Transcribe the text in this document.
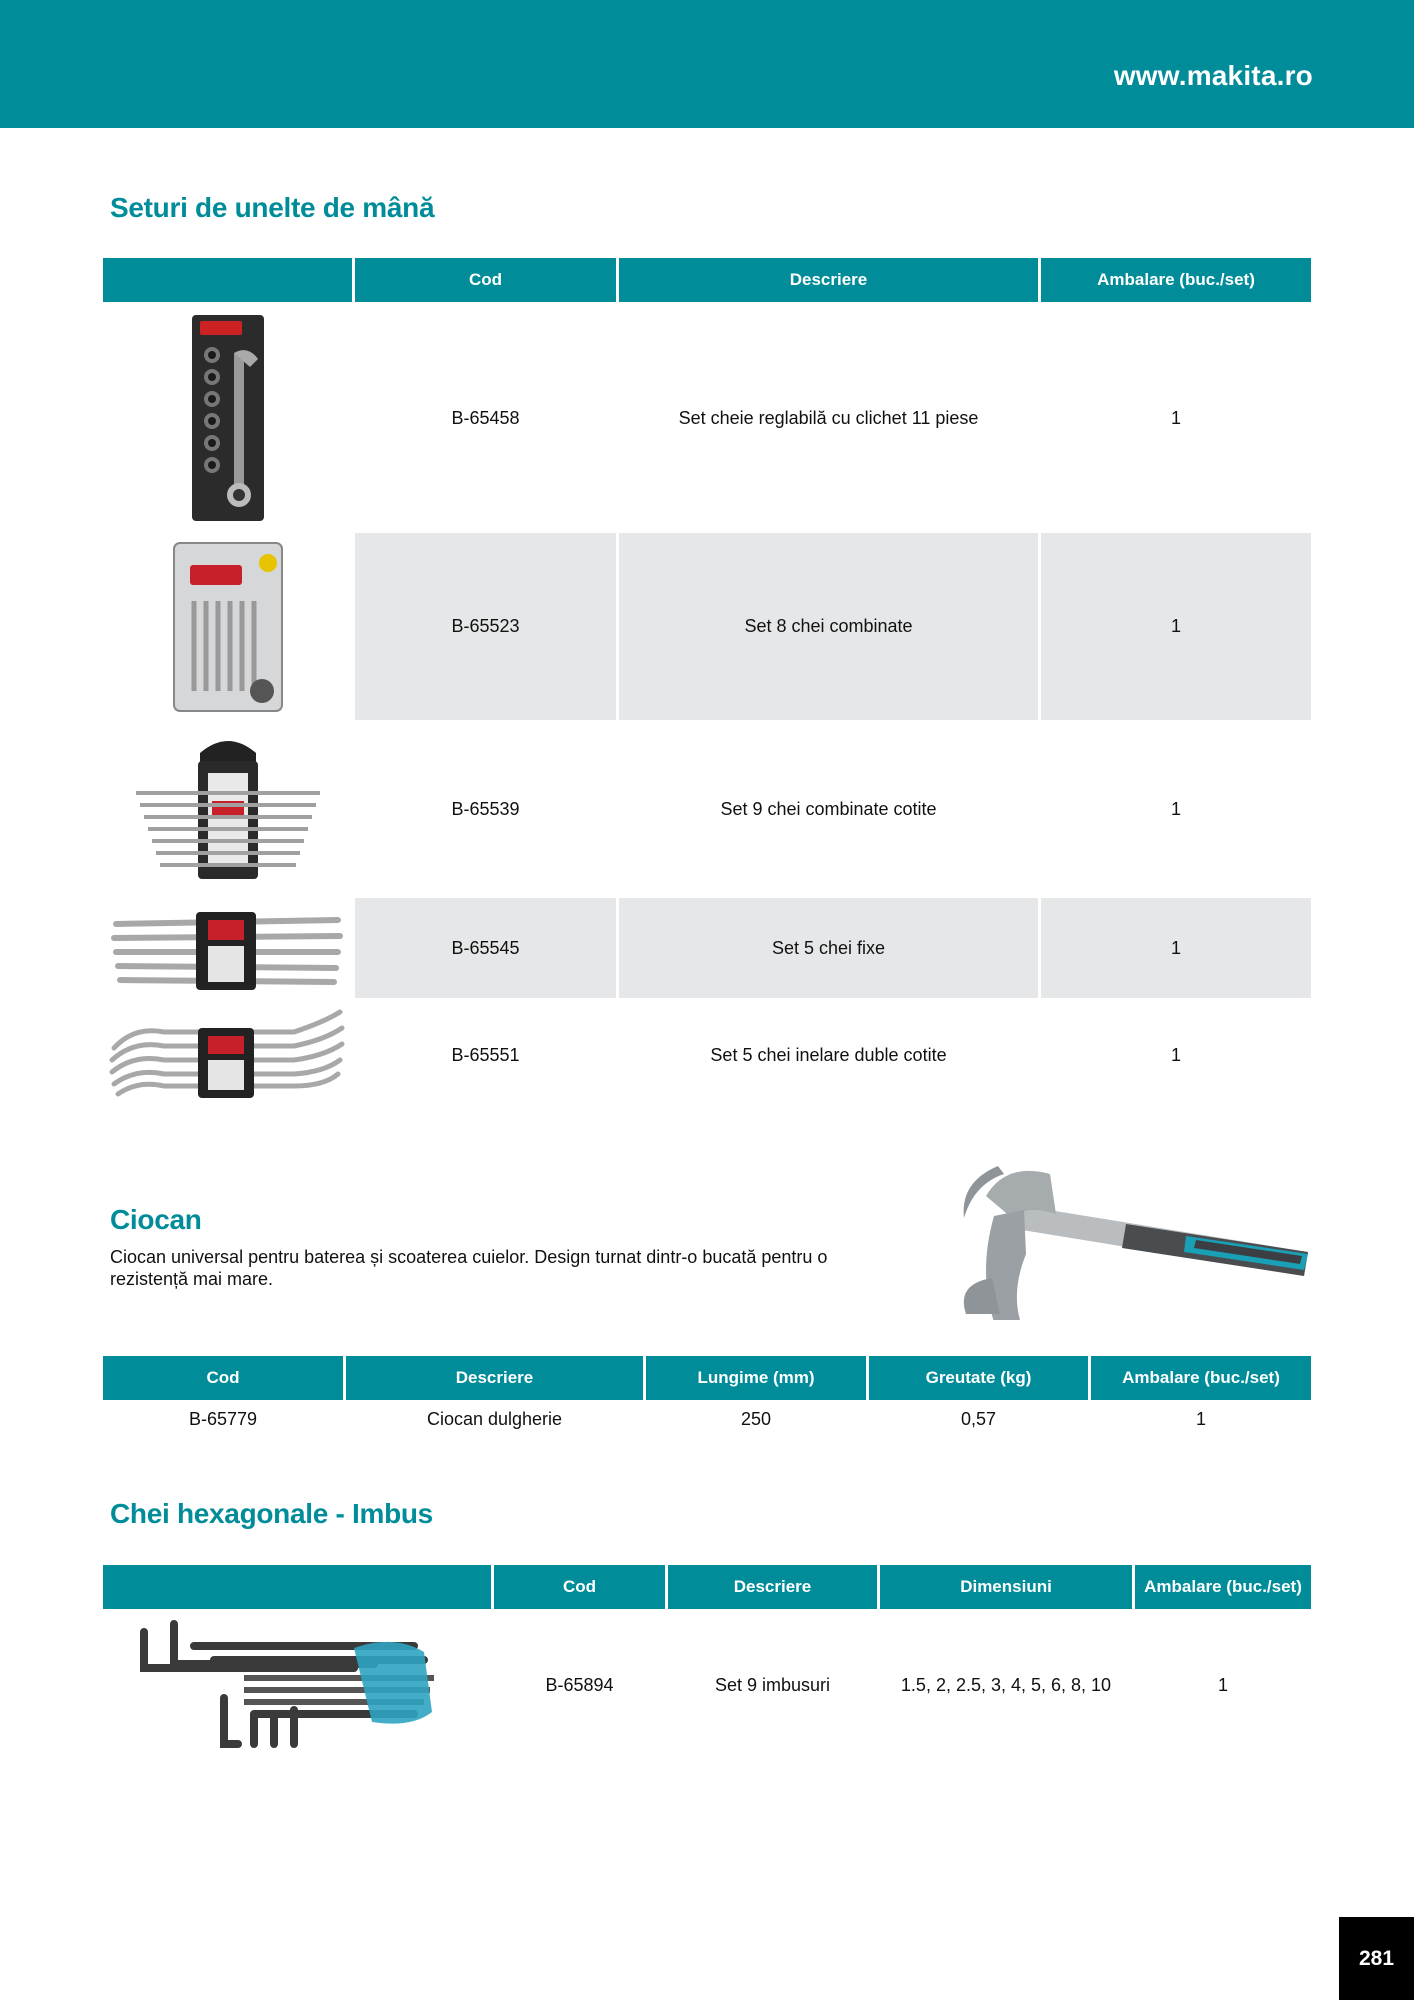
www.makita.ro
Seturi de unelte de mână
Cod	Descriere	Ambalare (buc./set)
B-65458	Set cheie reglabilă cu clichet 11 piese	1
B-65523	Set 8 chei combinate	1
B-65539	Set 9 chei combinate cotite	1
B-65545	Set 5 chei fixe	1
B-65551	Set 5 chei inelare duble cotite	1
Ciocan
Ciocan universal pentru baterea și scoaterea cuielor. Design turnat dintr-o bucată pentru o rezistență mai mare.
Cod	Descriere	Lungime (mm)	Greutate (kg)	Ambalare (buc./set)
B-65779	Ciocan dulgherie	250	0,57	1
Chei hexagonale - Imbus
Cod	Descriere	Dimensiuni	Ambalare (buc./set)
B-65894	Set 9 imbusuri	1.5, 2, 2.5, 3, 4, 5, 6, 8, 10	1
281
